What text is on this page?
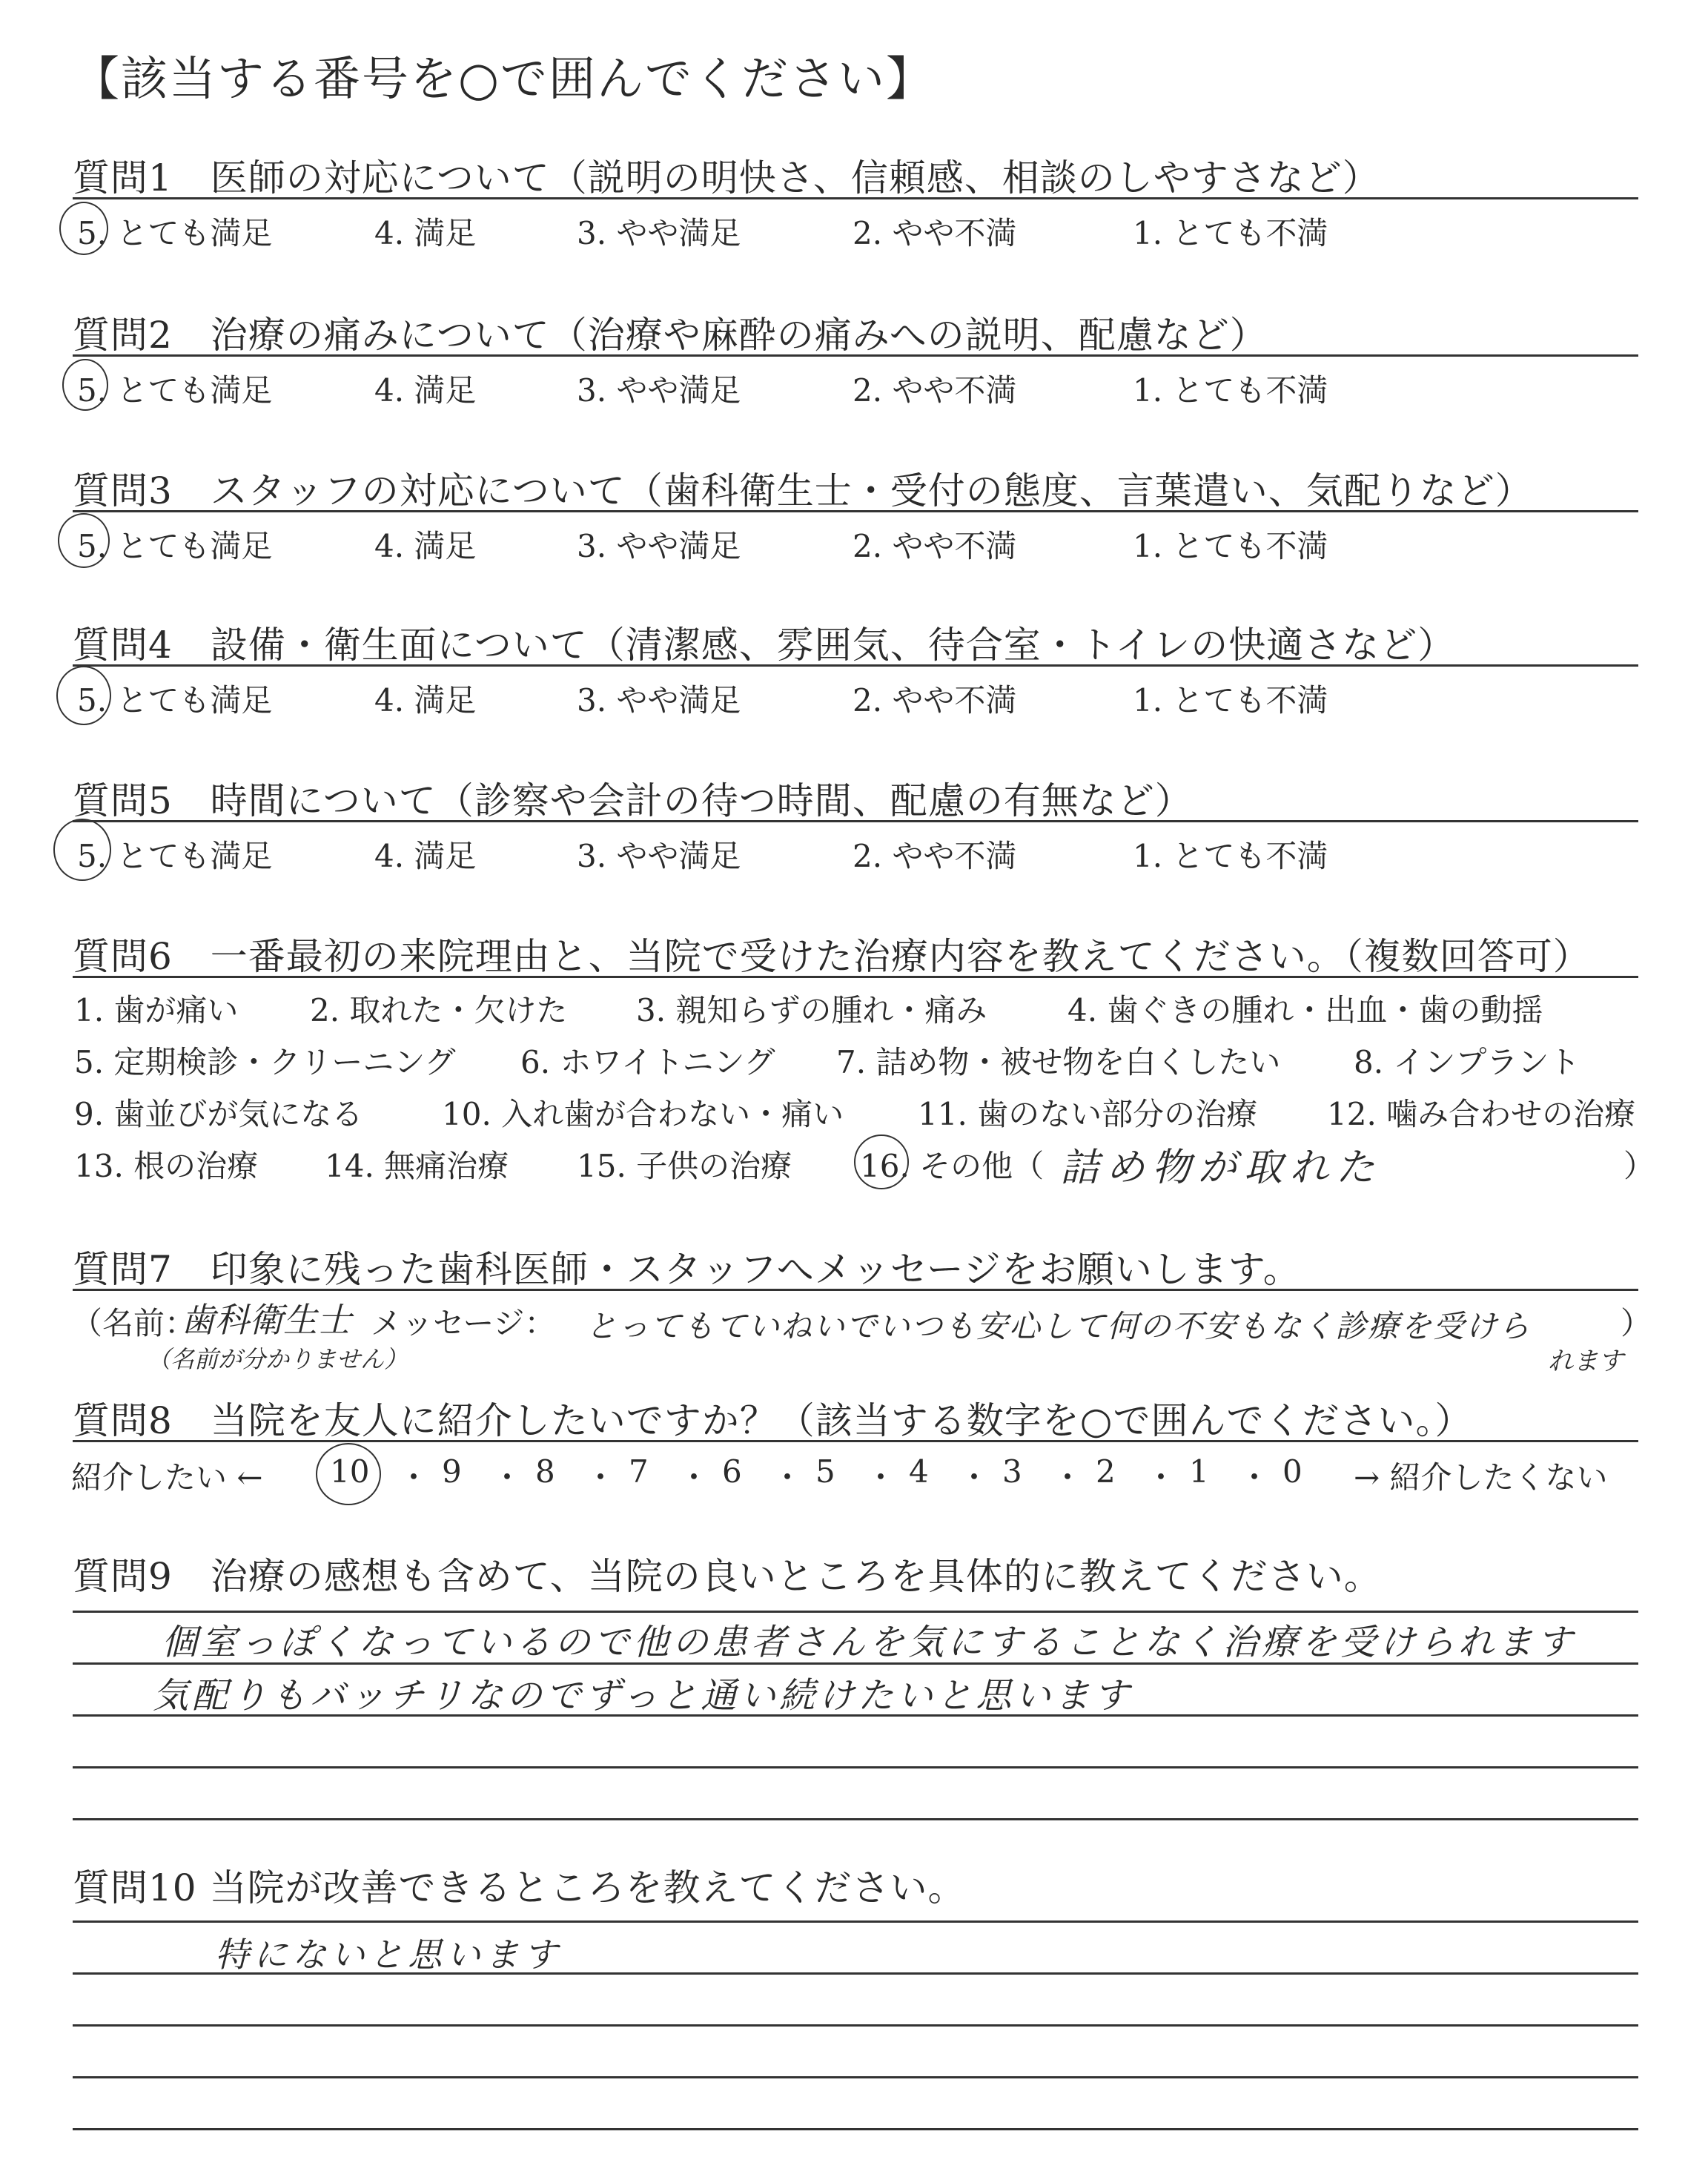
【該当する番号を○で囲んでください】
質問1　医師の対応について（説明の明快さ、信頼感、相談のしやすさなど）
5. とても満足	4. 満足	3. やや満足	2. やや不満	1. とても不満
質問2　治療の痛みについて（治療や麻酔の痛みへの説明、配慮など）
5. とても満足	4. 満足	3. やや満足	2. やや不満	1. とても不満
質問3　スタッフの対応について（歯科衛生士・受付の態度、言葉遣い、気配りなど）
5. とても満足	4. 満足	3. やや満足	2. やや不満	1. とても不満
質問4　設備・衛生面について（清潔感、雰囲気、待合室・トイレの快適さなど）
5. とても満足	4. 満足	3. やや満足	2. やや不満	1. とても不満
質問5　時間について（診察や会計の待つ時間、配慮の有無など）
5. とても満足	4. 満足	3. やや満足	2. やや不満	1. とても不満
質問6　一番最初の来院理由と、当院で受けた治療内容を教えてください。（複数回答可）
1. 歯が痛い 2. 取れた・欠けた 3. 親知らずの腫れ・痛み	4. 歯ぐきの腫れ・出血・歯の動揺
5. 定期検診・クリーニング 6. ホワイトニング 7. 詰め物・被せ物を白くしたい 8. インプラント
9. 歯並びが気になる	10. 入れ歯が合わない・痛い 11. 歯のない部分の治療 12. 噛み合わせの治療
13. 根の治療 14. 無痛治療 15. 子供の治療 16. その他（	）
詰め物が取れた
質問7　印象に残った歯科医師・スタッフへメッセージをお願いします。
（名前：
歯科衛生士 メッセージ：
（名前が分かりません）
とってもていねいでいつも安心して何の不安もなく診療を受けら	）
れます
質問8　当院を友人に紹介したいですか？（該当する数字を○で囲んでください。）
紹介したい ← 10 ・ 9 ・ 8 ・ 7 ・ 6 ・ 5 ・ 4 ・ 3 ・ 2 ・ 1 ・ 0 → 紹介したくない
質問9　治療の感想も含めて、当院の良いところを具体的に教えてください。
個室っぽくなっているので他の患者さんを気にすることなく治療を受けられます
気配りもバッチリなのでずっと通い続けたいと思います
質問10 当院が改善できるところを教えてください。
特にないと思います
